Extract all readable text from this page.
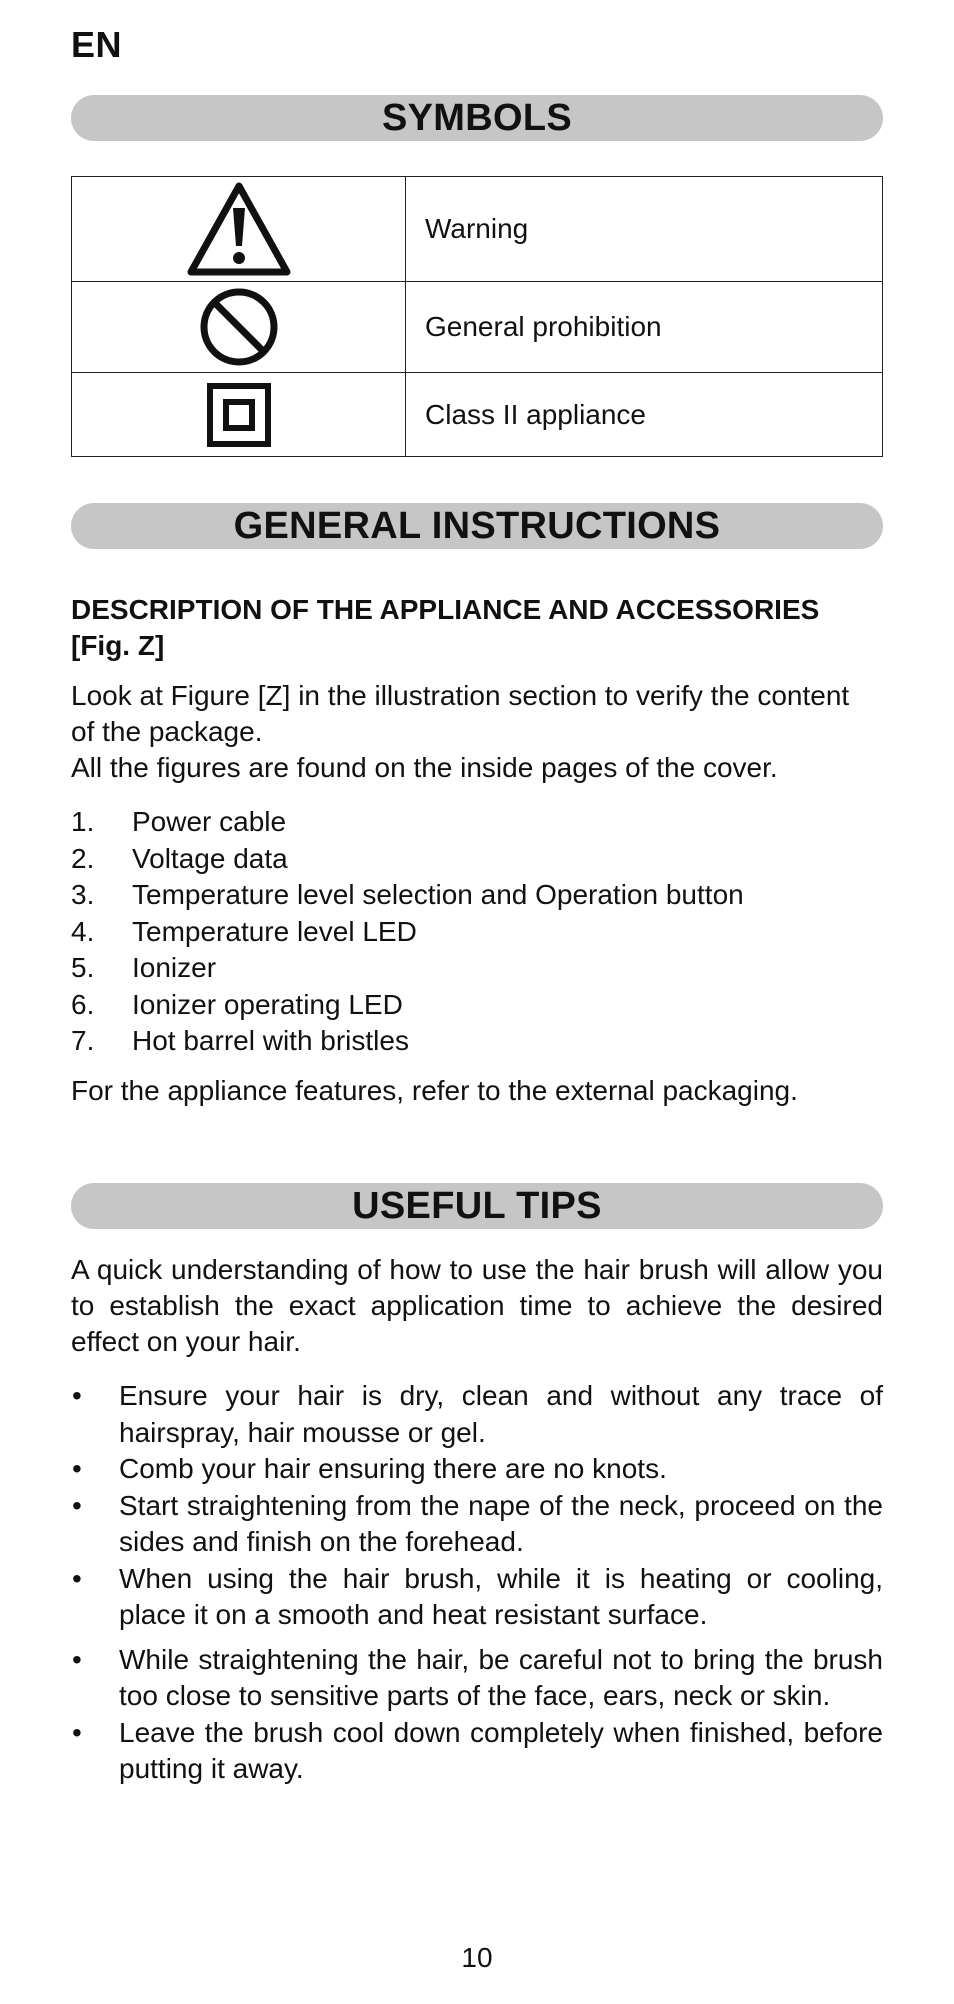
EN
SYMBOLS
	Warning

	General prohibition

	Class II appliance
GENERAL INSTRUCTIONS
DESCRIPTION OF THE APPLIANCE AND ACCESSORIES
[Fig. Z]
Look at Figure [Z] in the illustration section to verify the content
of the package.
All the figures are found on the inside pages of the cover.
1. Power cable
2. Voltage data
3. Temperature level selection and Operation button
4. Temperature level LED
5. Ionizer
6. Ionizer operating LED
7. Hot barrel with bristles
For the appliance features, refer to the external packaging.
USEFUL TIPS
A quick understanding of how to use the hair brush will allow you to establish the exact application time to achieve the desired effect on your hair.
• Ensure your hair is dry, clean and without any trace of hairspray, hair mousse or gel.
• Comb your hair ensuring there are no knots.
• Start straightening from the nape of the neck, proceed on the sides and finish on the forehead.
• When using the hair brush, while it is heating or cooling, place it on a smooth and heat resistant surface.
• While straightening the hair, be careful not to bring the brush too close to sensitive parts of the face, ears, neck or skin.
• Leave the brush cool down completely when finished, before putting it away.
10
